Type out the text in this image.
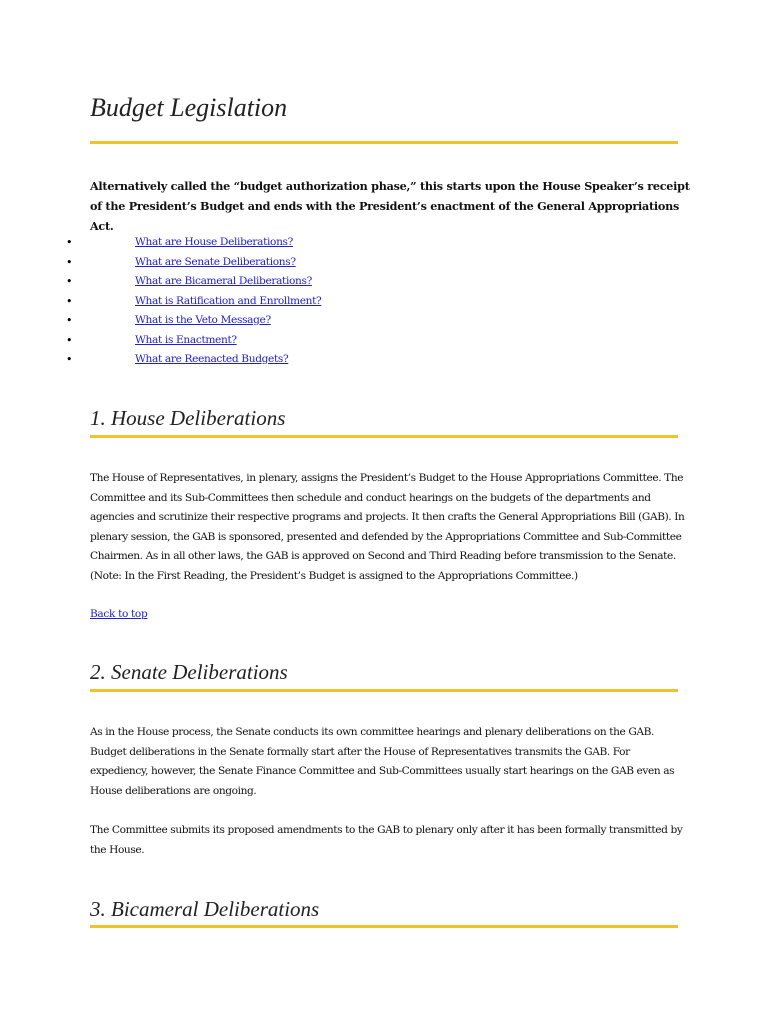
Budget Legislation

Alternatively called the “budget authorization phase,” this starts upon the House Speaker’s receipt of the President’s Budget and ends with the President’s enactment of the General Appropriations Act.

•	What are House Deliberations?
•	What are Senate Deliberations?
•	What are Bicameral Deliberations?
•	What is Ratification and Enrollment?
•	What is the Veto Message?
•	What is Enactment?
•	What are Reenacted Budgets?
1. House Deliberations

The House of Representatives, in plenary, assigns the President’s Budget to the House Appropriations Committee. The Committee and its Sub-Committees then schedule and conduct hearings on the budgets of the departments and agencies and scrutinize their respective programs and projects. It then crafts the General Appropriations Bill (GAB). In plenary session, the GAB is sponsored, presented and defended by the Appropriations Committee and Sub-Committee Chairmen. As in all other laws, the GAB is approved on Second and Third Reading before transmission to the Senate. (Note: In the First Reading, the President’s Budget is assigned to the Appropriations Committee.)

Back to top
2. Senate Deliberations

As in the House process, the Senate conducts its own committee hearings and plenary deliberations on the GAB. Budget deliberations in the Senate formally start after the House of Representatives transmits the GAB. For expediency, however, the Senate Finance Committee and Sub-Committees usually start hearings on the GAB even as House deliberations are ongoing.

The Committee submits its proposed amendments to the GAB to plenary only after it has been formally transmitted by the House.

3. Bicameral Deliberations
